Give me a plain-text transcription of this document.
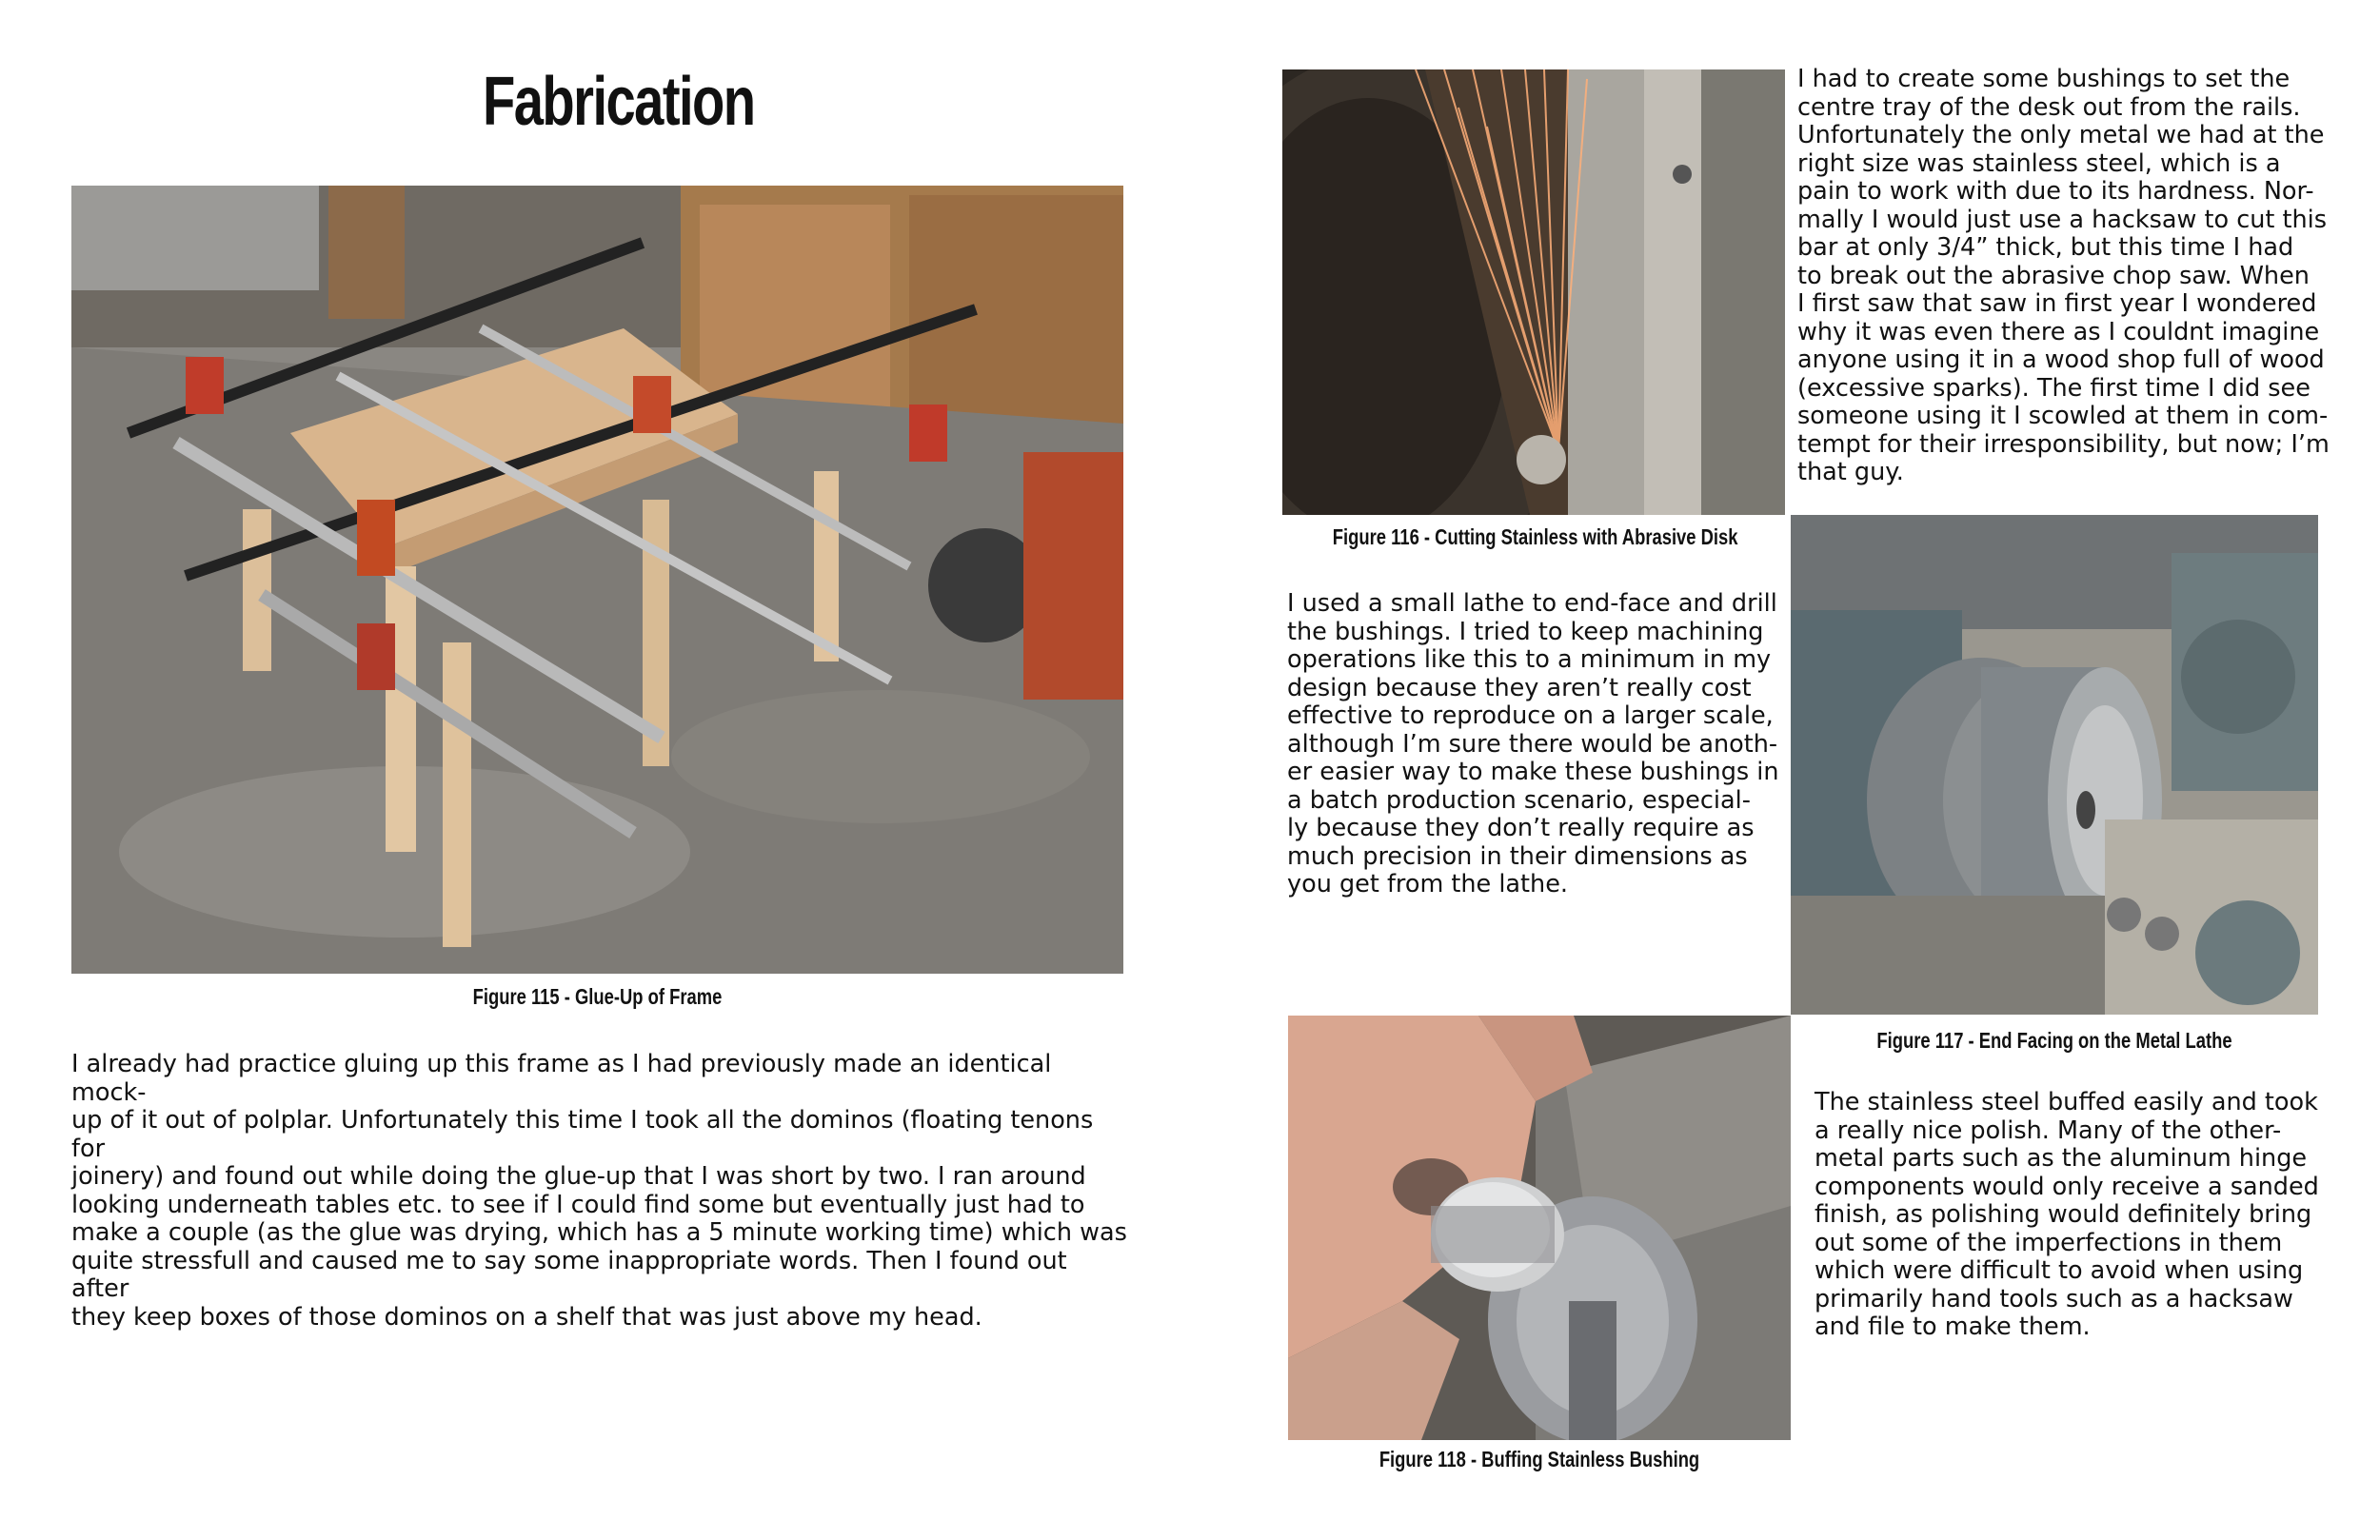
Fabrication
Figure 115 - Glue-Up of Frame
I already had practice gluing up this frame as I had previously made an identical mock-
up of it out of polplar. Unfortunately this time I took all the dominos (floating tenons for
joinery) and found out while doing the glue-up that I was short by two. I ran around
looking underneath tables etc. to see if I could find some but eventually just had to
make a couple (as the glue was drying, which has a 5 minute working time) which was
quite stressfull and caused me to say some inappropriate words. Then I found out after
they keep boxes of those dominos on a shelf that was just above my head.
Figure 116 - Cutting Stainless with Abrasive Disk
I had to create some bushings to set the
centre tray of the desk out from the rails.
Unfortunately the only metal we had at the
right size was stainless steel, which is a
pain to work with due to its hardness. Nor-
mally I would just use a hacksaw to cut this
bar at only 3/4” thick, but this time I had
to break out the abrasive chop saw. When
I first saw that saw in first year I wondered
why it was even there as I couldnt imagine
anyone using it in a wood shop full of wood
(excessive sparks). The first time I did see
someone using it I scowled at them in com-
tempt for their irresponsibility, but now; I’m
that guy.
I used a small lathe to end-face and drill
the bushings. I tried to keep machining
operations like this to a minimum in my
design because they aren’t really cost
effective to reproduce on a larger scale,
although I’m sure there would be anoth-
er easier way to make these bushings in
a batch production scenario, especial-
ly because they don’t really require as
much precision in their dimensions as
you get from the lathe.
Figure 117 - End Facing on the Metal Lathe
Figure 118 - Buffing Stainless Bushing
The stainless steel buffed easily and took
a really nice polish. Many of the other-
metal parts such as the aluminum hinge
components would only receive a sanded
finish, as polishing would definitely bring
out some of the imperfections in them
which were difficult to avoid when using
primarily hand tools such as a hacksaw
and file to make them.
